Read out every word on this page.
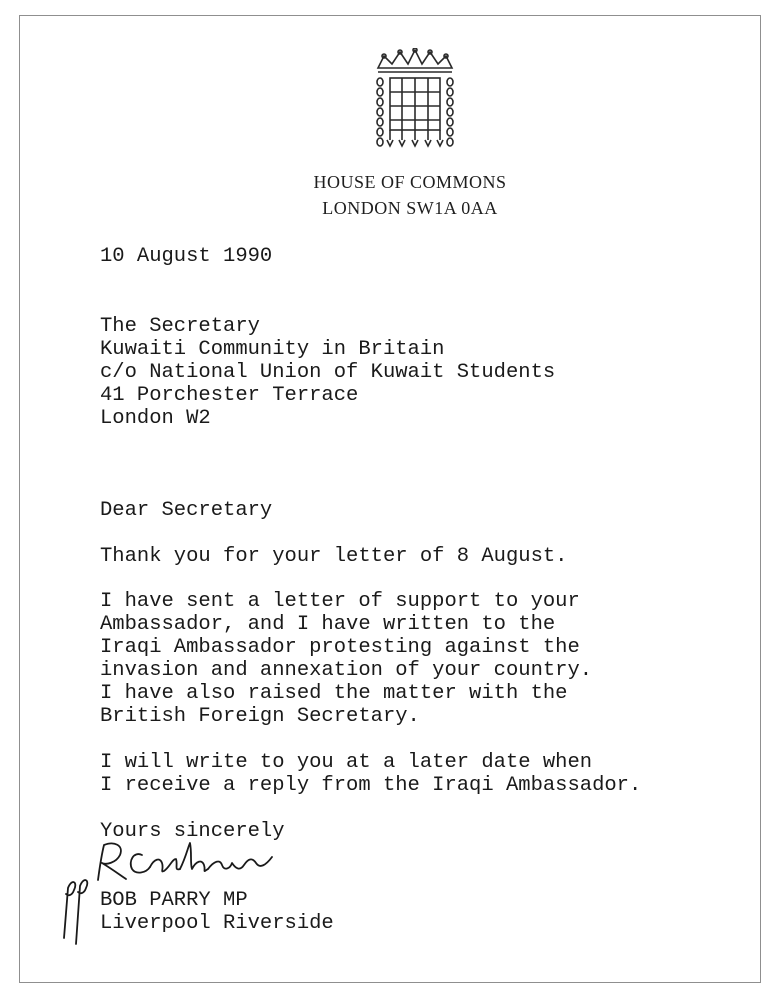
HOUSE OF COMMONS
LONDON SW1A 0AA
10 August 1990
The Secretary
Kuwaiti Community in Britain
c/o National Union of Kuwait Students
41 Porchester Terrace
London W2
Dear Secretary
Thank you for your letter of 8 August.
I have sent a letter of support to your
Ambassador, and I have written to the
Iraqi Ambassador protesting against the
invasion and annexation of your country.
I have also raised the matter with the
British Foreign Secretary.
I will write to you at a later date when
I receive a reply from the Iraqi Ambassador.
Yours sincerely
BOB PARRY MP
Liverpool Riverside
